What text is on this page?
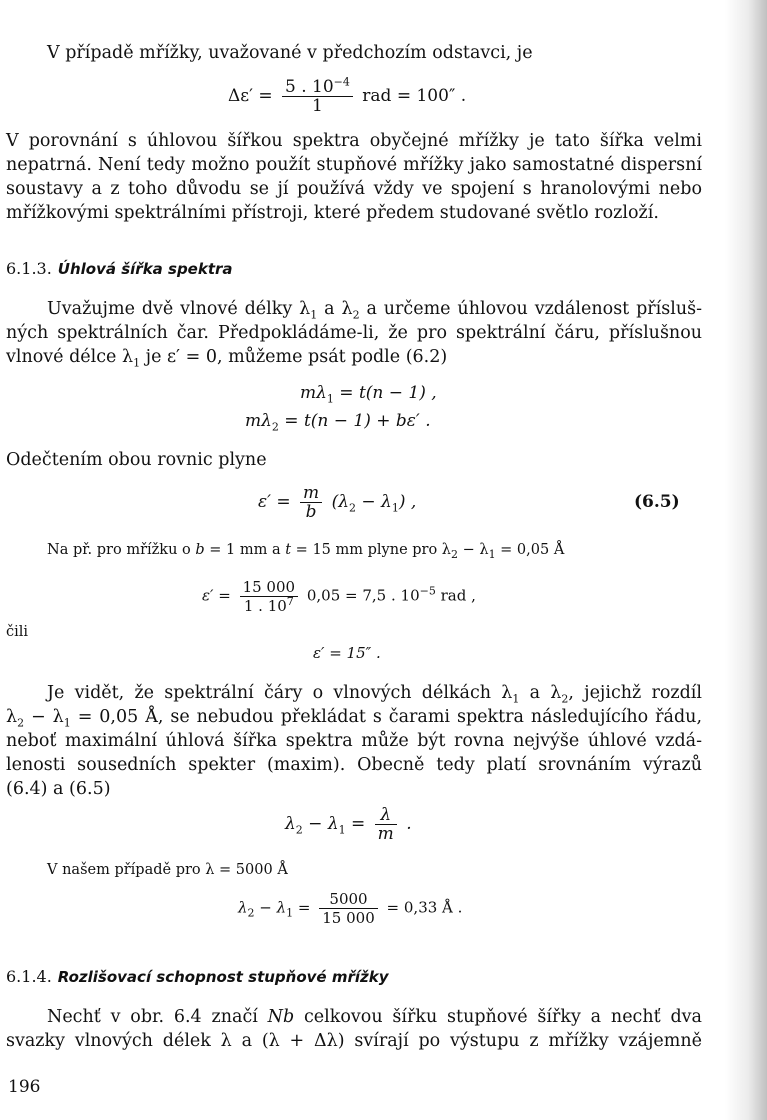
V případě mřížky, uvažované v předchozím odstavci, je
$\Delta\varepsilon' = \frac{5 . 10^{-4}}{1}$ rad = 100″ .
V porovnání s úhlovou šířkou spektra obyčejné mřížky je tato šířka velmi
nepatrná. Není tedy možno použít stupňové mřížky jako samostatné dispersní
soustavy a z toho důvodu se jí používá vždy ve spojení s hranolovými nebo
mřížkovými spektrálními přístroji, které předem studované světlo rozloží.
6.1.3. Úhlová šířka spektra
Uvažujme dvě vlnové délky $\lambda_1$ a $\lambda_2$ a určeme úhlovou vzdálenost přísluš-
ných spektrálních čar. Předpokládáme-li, že pro spektrální čáru, příslušnou
vlnové délce $\lambda_1$ je ε′ = 0, můžeme psát podle (6.2)
$m\lambda_1 = t(n - 1)$ ,
$m\lambda_2 = t(n - 1) + b\varepsilon'$ .
Odečtením obou rovnic plyne
$\varepsilon' = \frac{m}{b} (\lambda_2 - \lambda_1)$ ,	(6.5)
Na př. pro mřížku o b = 1 mm a t = 15 mm plyne pro $\lambda_2 - \lambda_1 = 0,05$ Å
$\varepsilon' = \frac{15 000}{1 . 10^7} 0,05 = 7,5$ . $10^{-5}$ rad ,
čili
ε′ = 15″ .
Je vidět, že spektrální čáry o vlnových délkách $\lambda_1$ a $\lambda_2$, jejichž rozdíl
$\lambda_2 - \lambda_1 = 0,05$ Å, se nebudou překládat s čarami spektra následujícího řádu,
neboť maximální úhlová šířka spektra může být rovna nejvýše úhlové vzdá-
lenosti sousedních spekter (maxim). Obecně tedy platí srovnáním výrazů
(6.4) a (6.5)
$\lambda_2 - \lambda_1 = \frac{\lambda}{m}$ .
V našem případě pro λ = 5000 Å
$\lambda_2 - \lambda_1 = \frac{5000}{15 000} = 0,33$ Å .
6.1.4. Rozlišovací schopnost stupňové mřížky
Nechť v obr. 6.4 značí Nb celkovou šířku stupňové šířky a nechť dva
svazky vlnových délek λ a (λ + Δλ) svírají po výstupu z mřížky vzájemně
196
